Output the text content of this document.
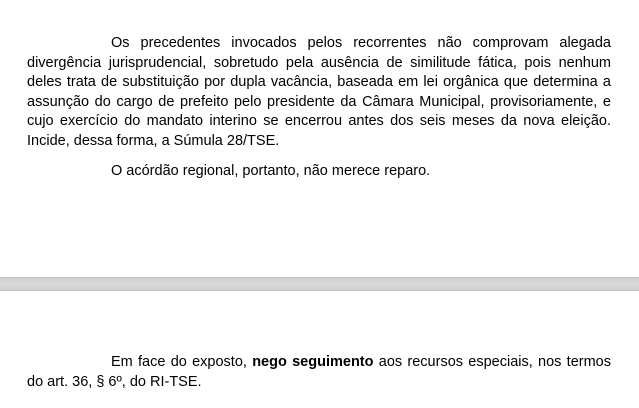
Os precedentes invocados pelos recorrentes não comprovam alegada divergência jurisprudencial, sobretudo pela ausência de similitude fática, pois nenhum deles trata de substituição por dupla vacância, baseada em lei orgânica que determina a assunção do cargo de prefeito pelo presidente da Câmara Municipal, provisoriamente, e cujo exercício do mandato interino se encerrou antes dos seis meses da nova eleição. Incide, dessa forma, a Súmula 28/TSE.

O acórdão regional, portanto, não merece reparo.

Em face do exposto, nego seguimento aos recursos especiais, nos termos do art. 36, § 6º, do RI-TSE.
